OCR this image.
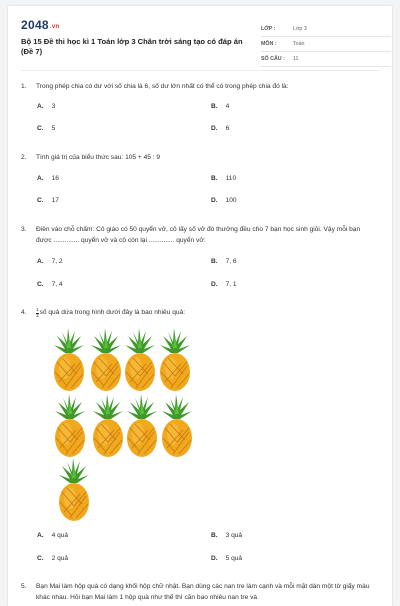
2048.vn
Bộ 15 Đề thi học kì 1 Toán lớp 3 Chân trời sáng tạo có đáp án (Đề 7)
LỚP :	Lớp 3
MÔN :	Toán
SỐ CÂU : 11
1. Trong phép chia có dư với số chia là 6, số dư lớn nhất có thể có trong phép chia đó là:
A. 3	B. 4
C. 5	D. 6
2. Tính giá trị của biểu thức sau: 105 + 45 : 9
A. 16	B. 110
C. 17	D. 100
3. Điền vào chỗ chấm: Cô giáo có 50 quyển vở, cô lấy số vở đó thưởng đều cho 7 bạn học sinh giỏi. Vậy mỗi bạn được .............. quyển vở và cô còn lại .............. quyển vở:
A. 7, 2	B. 7, 6
C. 7, 4	D. 7, 1
4. $\frac{1}{3}$ số quả dứa trong hình dưới đây là bao nhiêu quả:
A. 4 quả	B. 3 quả
C. 2 quả	D. 5 quả
5. Bạn Mai làm hộp quà có dạng khối hộp chữ nhật. Bạn dùng các nan tre làm cạnh và mỗi mặt dán một tờ giấy màu khác nhau. Hỏi bạn Mai làm 1 hộp quà như thế thì cần bao nhiêu nan tre và
